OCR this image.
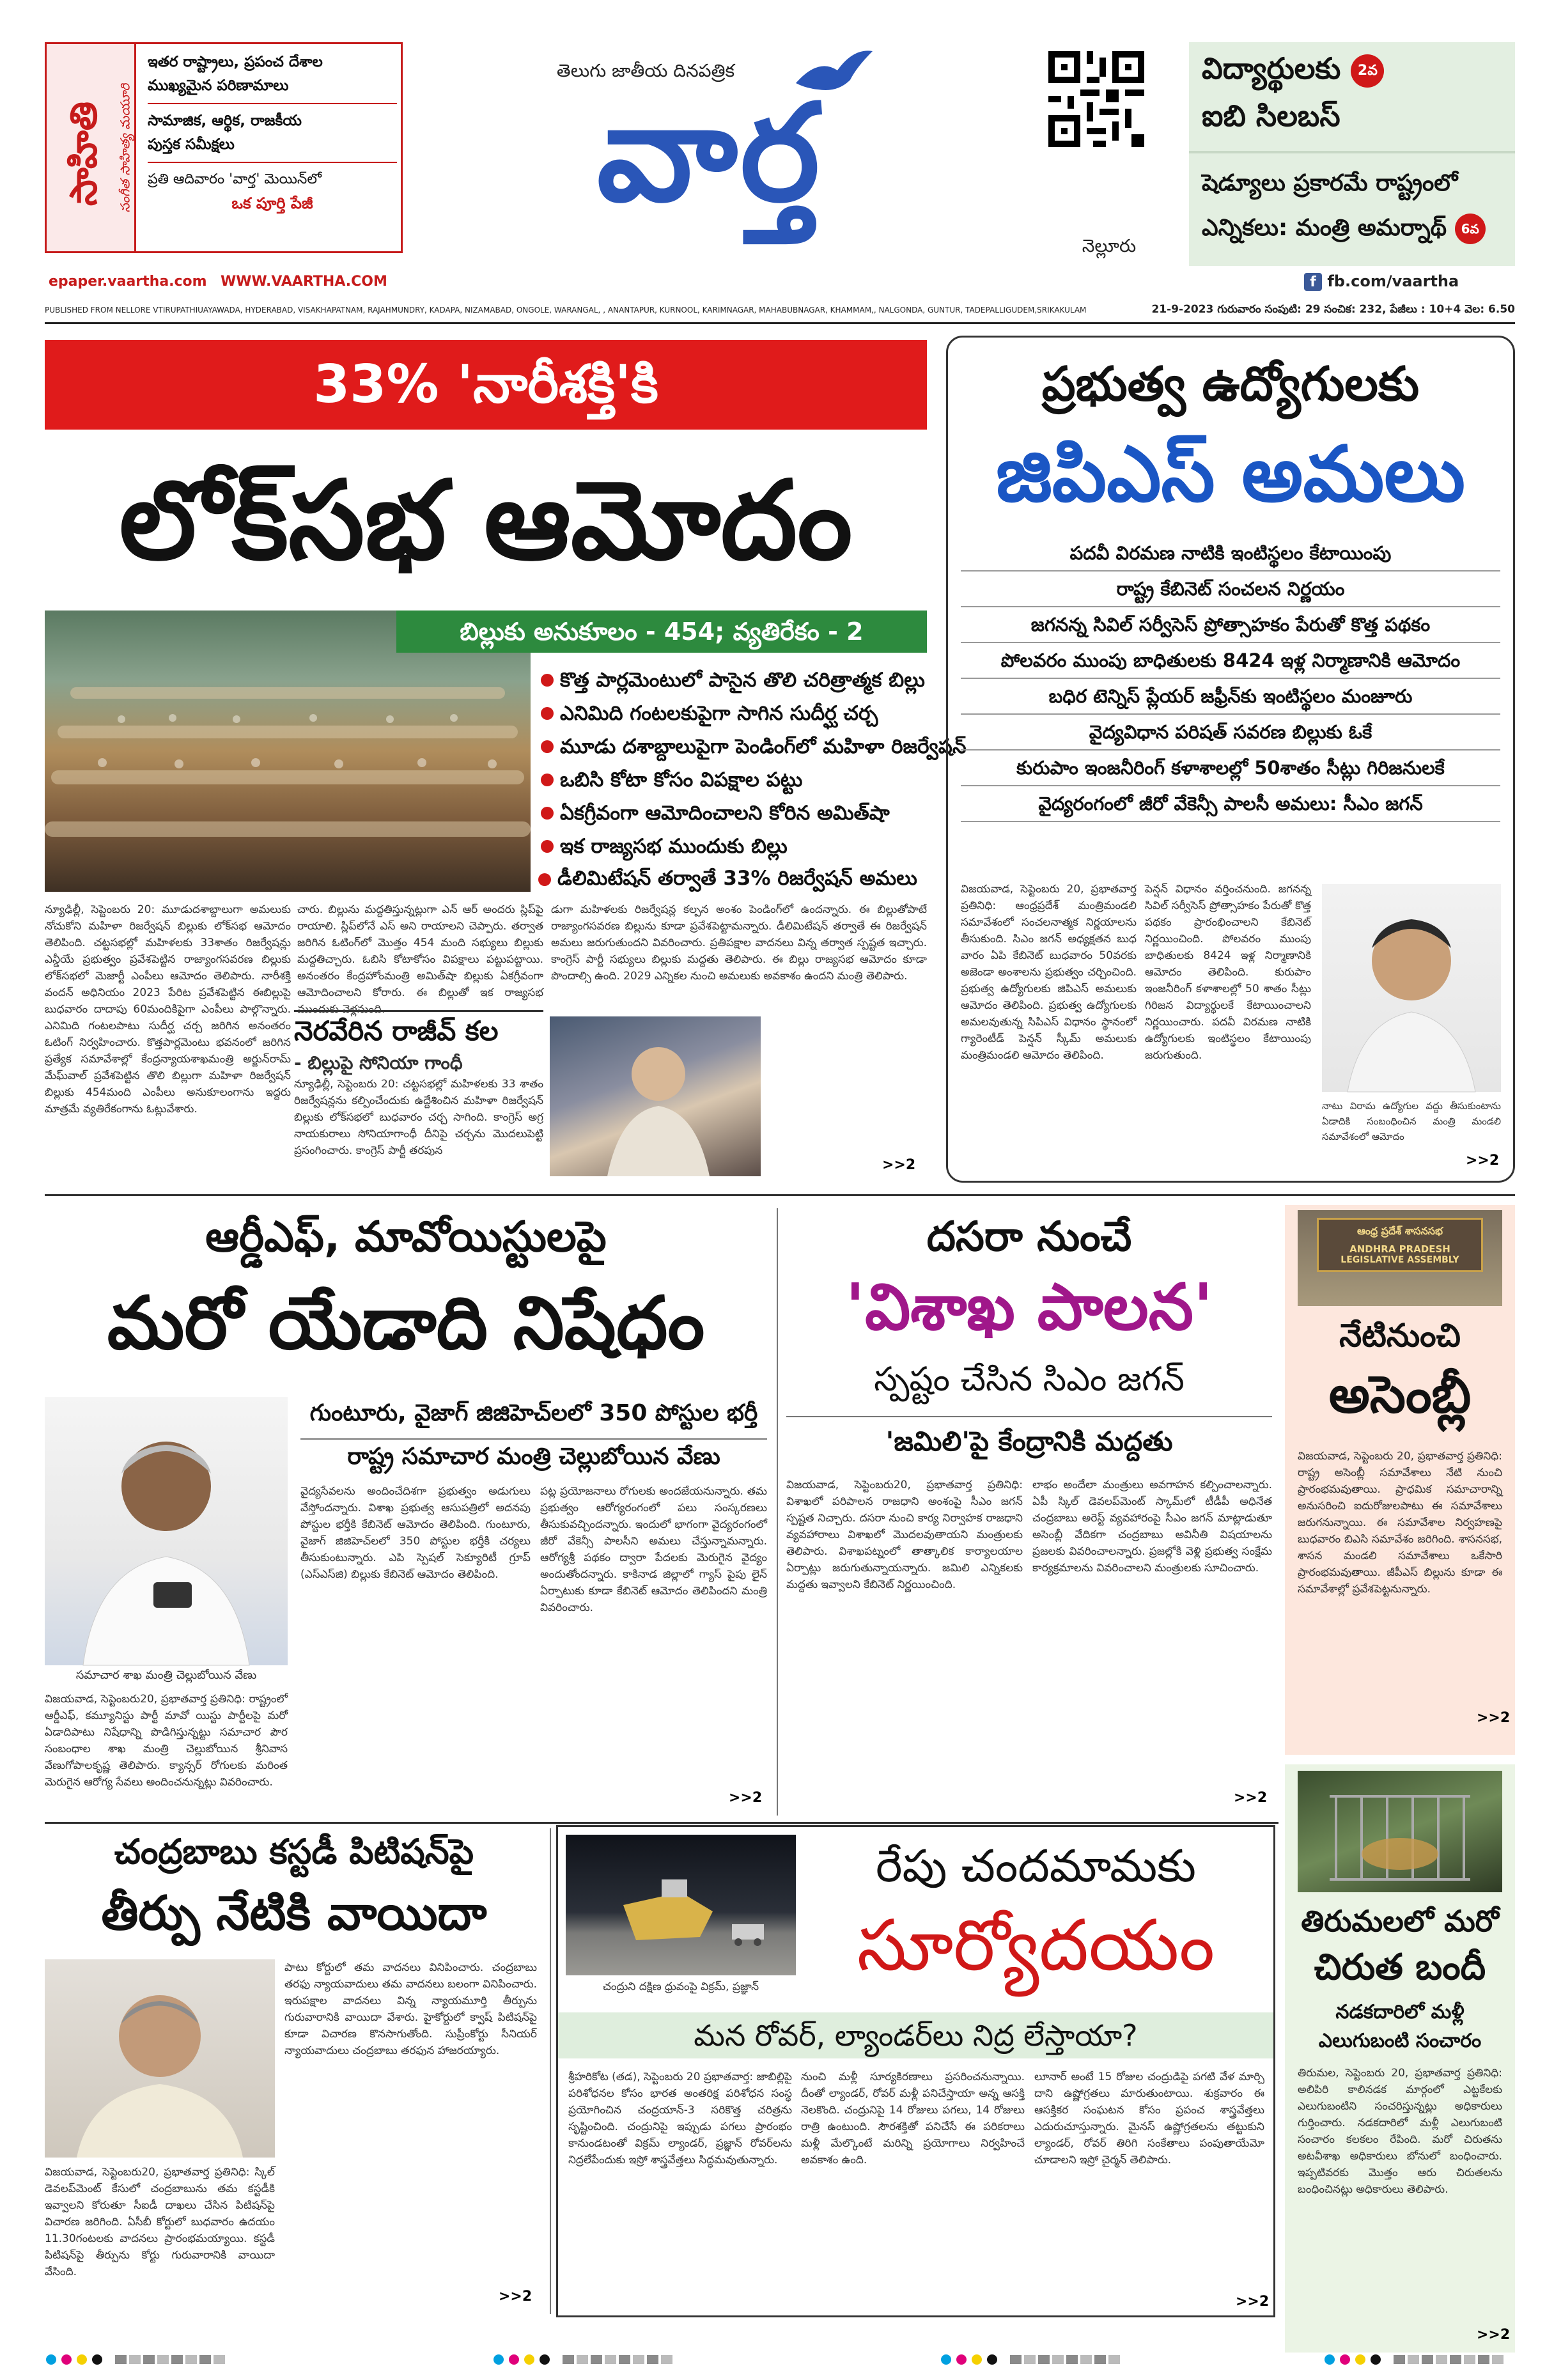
సాహితి సంగీత సాహిత్య మయూరి
ఇతర రాష్ట్రాలు, ప్రపంచ దేశాల
ముఖ్యమైన పరిణామాలు
సామాజిక, ఆర్థిక, రాజకీయ
పుస్తక సమీక్షలు
ప్రతి ఆదివారం 'వార్త' మెయిన్‌లో
ఒక పూర్తి పేజీ
epaper.vaartha.com WWW.VAARTHA.COM
తెలుగు జాతీయ దినపత్రిక
వార్త
నెల్లూరు
f fb.com/vaartha
విద్యార్థులకు 2వ
ఐబి సిలబస్
షెడ్యూలు ప్రకారమే రాష్ట్రంలో
ఎన్నికలు: మంత్రి అమర్నాథ్ 6వ
PUBLISHED FROM NELLORE VTIRUPATHIUAYAWADA, HYDERABAD, VISAKHAPATNAM, RAJAHMUNDRY, KADAPA, NIZAMABAD, ONGOLE, WARANGAL, , ANANTAPUR, KURNOOL, KARIMNAGAR, MAHABUBNAGAR, KHAMMAM,, NALGONDA, GUNTUR, TADEPALLIGUDEM,SRIKAKULAM	21-9-2023 గురువారం సంపుటి: 29 సంచిక: 232, పేజీలు : 10+4 వెల: 6.50
33% 'నారీశక్తి'కి
లోక్‌సభ ఆమోదం
బిల్లుకు అనుకూలం - 454; వ్యతిరేకం - 2
కొత్త పార్లమెంటులో పాసైన తొలి చరిత్రాత్మక బిల్లు
ఎనిమిది గంటలకుపైగా సాగిన సుదీర్ఘ చర్చ
మూడు దశాబ్దాలుపైగా పెండింగ్‌లో మహిళా రిజర్వేషన్
ఒబిసి కోటా కోసం విపక్షాల పట్టు
ఏకగ్రీవంగా ఆమోదించాలని కోరిన అమిత్‌షా
ఇక రాజ్యసభ ముందుకు బిల్లు
డీలిమిటేషన్ తర్వాతే 33% రిజర్వేషన్ అమలు
న్యూఢిల్లీ, సెప్టెంబరు 20: మూడుదశాబ్దాలుగా అమలుకు నోచుకోని మహిళా రిజర్వేషన్ బిల్లుకు లోక్‌సభ ఆమోదం తెలిపింది. చట్టసభల్లో మహిళలకు 33శాతం రిజర్వేషన్లు ఎన్డీయే ప్రభుత్వం ప్రవేశపెట్టిన రాజ్యాంగసవరణ బిల్లుకు లోక్‌సభలో మెజార్టీ ఎంపీలు ఆమోదం తెలిపారు. నారీశక్తి వందన్ అధినియం 2023 పేరిట ప్రవేశపెట్టిన ఈబిల్లుపై బుధవారం దాదాపు 60మందికిపైగా ఎంపీలు పాల్గొన్నారు. ఎనిమిది గంటలపాటు సుదీర్ఘ చర్చ జరిగిన అనంతరం ఓటింగ్ నిర్వహించారు. కొత్తపార్లమెంటు భవనంలో జరిగిన ప్రత్యేక సమావేశాల్లో కేంద్రన్యాయశాఖమంత్రి అర్జున్‌రామ్ మేఘ్‌వాల్ ప్రవేశపెట్టిన తొలి బిల్లుగా మహిళా రిజర్వేషన్ బిల్లుకు 454మంది ఎంపీలు అనుకూలంగాను ఇద్దరు మాత్రమే వ్యతిరేకంగాను ఓట్లువేశారు.
చారు. బిల్లును మద్దతిస్తున్నట్లుగా ఎన్ ఆర్ అందరు స్లిప్‌పై రాయాలి. స్లిప్‌లోనే ఎస్ అని రాయాలని చెప్పారు. తర్వాత జరిగిన ఓటింగ్‌లో మొత్తం 454 మంది సభ్యులు బిల్లుకు మద్దతిచ్చారు. ఓబిసి కోటాకోసం విపక్షాలు పట్టుపట్టాయి. అనంతరం కేంద్రహోంమంత్రి అమిత్‌షా బిల్లుకు ఏకగ్రీవంగా ఆమోదించాలని కోరారు. ఈ బిల్లుతో ఇక రాజ్యసభ ముందుకు వెళ్లనుంది.
డుగా మహిళలకు రిజర్వేషన్ల కల్పన అంశం పెండింగ్‌లో ఉందన్నారు. ఈ బిల్లుతోపాటే రాజ్యాంగసవరణ బిల్లును కూడా ప్రవేశపెట్టామన్నారు. డీలిమిటేషన్ తర్వాతే ఈ రిజర్వేషన్ అమలు జరుగుతుందని వివరించారు. ప్రతిపక్షాల వాదనలు విన్న తర్వాత స్పష్టత ఇచ్చారు. కాంగ్రెస్ పార్టీ సభ్యులు బిల్లుకు మద్దతు తెలిపారు. ఈ బిల్లు రాజ్యసభ ఆమోదం కూడా పొందాల్సి ఉంది. 2029 ఎన్నికల నుంచి అమలుకు అవకాశం ఉందని మంత్రి తెలిపారు.
నెరవేరిన రాజీవ్ కల
- బిల్లుపై సోనియా గాంధీ
న్యూఢిల్లీ, సెప్టెంబరు 20: చట్టసభల్లో మహిళలకు 33 శాతం రిజర్వేషన్లను కల్పించేందుకు ఉద్దేశించిన మహిళా రిజర్వేషన్ బిల్లుకు లోక్‌సభలో బుధవారం చర్చ సాగింది. కాంగ్రెస్ అగ్ర నాయకురాలు సోనియాగాంధీ దీనిపై చర్చను మొదలుపెట్టి ప్రసంగించారు. కాంగ్రెస్ పార్టీ తరపున
>>2
ప్రభుత్వ ఉద్యోగులకు
జిపిఎస్ అమలు
పదవీ విరమణ నాటికి ఇంటిస్థలం కేటాయింపు
రాష్ట్ర కేబినెట్ సంచలన నిర్ణయం
జగనన్న సివిల్ సర్వీసెస్ ప్రోత్సాహకం పేరుతో కొత్త పథకం
పోలవరం ముంపు బాధితులకు 8424 ఇళ్ల నిర్మాణానికి ఆమోదం
బధిర టెన్నిస్ ప్లేయర్ జఫ్రీన్‌కు ఇంటిస్థలం మంజూరు
వైద్యవిధాన పరిషత్ సవరణ బిల్లుకు ఓకే
కురుపాం ఇంజనీరింగ్ కళాశాలల్లో 50శాతం సీట్లు గిరిజనులకే
వైద్యరంగంలో జీరో వేకెన్సీ పాలసీ అమలు: సీఎం జగన్
విజయవాడ, సెప్టెంబరు 20, ప్రభాతవార్త ప్రతినిధి: ఆంధ్రప్రదేశ్ మంత్రిమండలి సమావేశంలో సంచలనాత్మక నిర్ణయాలను తీసుకుంది. సిఎం జగన్ అధ్యక్షతన బుధ వారం ఏపి కేబినెట్ బుధవారం 50వరకు అజెండా అంశాలను ప్రభుత్వం చర్చించింది. ప్రభుత్వ ఉద్యోగులకు జిపిఎస్ అమలుకు ఆమోదం తెలిపింది. ప్రభుత్వ ఉద్యోగులకు అమలవుతున్న సిపిఎస్ విధానం స్థానంలో గ్యారెంటీడ్ పెన్షన్ స్కీమ్ అమలుకు మంత్రిమండలి ఆమోదం తెలిపింది.
పెన్షన్ విధానం వర్తించనుంది. జగనన్న సివిల్ సర్వీసెస్ ప్రోత్సాహకం పేరుతో కొత్త పథకం ప్రారంభించాలని కేబినెట్ నిర్ణయించింది. పోలవరం ముంపు బాధితులకు 8424 ఇళ్ల నిర్మాణానికి ఆమోదం తెలిపింది. కురుపాం ఇంజనీరింగ్ కళాశాలల్లో 50 శాతం సీట్లు గిరిజన విద్యార్థులకే కేటాయించాలని నిర్ణయించారు. పదవీ విరమణ నాటికి ఉద్యోగులకు ఇంటిస్థలం కేటాయింపు జరుగుతుంది.
నాటు విరామ ఉద్యోగుల వద్దు తీసుకుంటాను ఏడాదికి సంబంధించిన మంత్రి మండలి సమావేశంలో ఆమోదం
>>2
ఆర్డీఎఫ్, మావోయిస్టులపై
మరో యేడాది నిషేధం
సమాచార శాఖ మంత్రి చెల్లుబోయిన వేణు
గుంటూరు, వైజాగ్ జిజిహెచ్‌లలో 350 పోస్టుల భర్తీ
రాష్ట్ర సమాచార మంత్రి చెల్లుబోయిన వేణు
విజయవాడ, సెప్టెంబరు20, ప్రభాతవార్త ప్రతినిధి: రాష్ట్రంలో ఆర్డీఎఫ్, కమ్యూనిస్టు పార్టీ మావో యిస్టు పార్టీలపై మరో ఏడాదిపాటు నిషేధాన్ని పొడిగిస్తున్నట్టు సమాచార పౌర సంబంధాల శాఖ మంత్రి చెల్లుబోయిన శ్రీనివాస వేణుగోపాలకృష్ణ తెలిపారు. క్యాన్సర్ రోగులకు మరింత మెరుగైన ఆరోగ్య సేవలు అందించనున్నట్లు వివరించారు.
వైద్యసేవలను అందించేదిశగా ప్రభుత్వం అడుగులు వేస్తోందన్నారు. విశాఖ ప్రభుత్వ ఆసుపత్రిలో అదనపు పోస్టుల భర్తీకి కేబినెట్ ఆమోదం తెలిపింది. గుంటూరు, వైజాగ్ జిజిహెచ్‌లలో 350 పోస్టుల భర్తీకి చర్యలు తీసుకుంటున్నారు. ఎపి స్పెషల్ సెక్యూరిటీ గ్రూప్ (ఎస్ఎస్‌జి) బిల్లుకు కేబినెట్ ఆమోదం తెలిపింది.
పట్ల ప్రయోజనాలు రోగులకు అందజేయనున్నారు. తమ ప్రభుత్వం ఆరోగ్యరంగంలో పలు సంస్కరణలు తీసుకువచ్చిందన్నారు. ఇందులో భాగంగా వైద్యరంగంలో జీరో వేకెన్సీ పాలసీని అమలు చేస్తున్నామన్నారు. ఆరోగ్యశ్రీ పథకం ద్వారా పేదలకు మెరుగైన వైద్యం అందుతోందన్నారు. కాకినాడ జిల్లాలో గ్యాస్ పైపు లైన్ ఏర్పాటుకు కూడా కేబినెట్ ఆమోదం తెలిపిందని మంత్రి వివరించారు.
>>2
దసరా నుంచే
'విశాఖ పాలన'
స్పష్టం చేసిన సిఎం జగన్
'జమిలి'పై కేంద్రానికి మద్దతు
విజయవాడ, సెప్టెంబరు20, ప్రభాతవార్త ప్రతినిధి: విశాఖలో పరిపాలన రాజధాని అంశంపై సీఎం జగన్ స్పష్టత నిచ్చారు. దసరా నుంచి కార్య నిర్వాహక రాజధాని వ్యవహారాలు విశాఖలో మొదలవుతాయని మంత్రులకు తెలిపారు. విశాఖపట్నంలో తాత్కాలిక కార్యాలయాల ఏర్పాట్లు జరుగుతున్నాయన్నారు. జమిలి ఎన్నికలకు మద్దతు ఇవ్వాలని కేబినెట్ నిర్ణయించింది.
లాభం అందేలా మంత్రులు అవగాహన కల్పించాలన్నారు. ఏపీ స్కిల్ డెవలప్‌మెంట్ స్కామ్‌లో టీడీపీ అధినేత చంద్రబాబు అరెస్ట్ వ్యవహారంపై సీఎం జగన్ మాట్లాడుతూ అసెంబ్లీ వేదికగా చంద్రబాబు అవినీతి విషయాలను ప్రజలకు వివరించాలన్నారు. ప్రజల్లోకి వెళ్లి ప్రభుత్వ సంక్షేమ కార్యక్రమాలను వివరించాలని మంత్రులకు సూచించారు.
>>2
ఆంధ్ర ప్రదేశ్ శాసనసభ
ANDHRA PRADESH
LEGISLATIVE ASSEMBLY
నేటినుంచి
అసెంబ్లీ
విజయవాడ, సెప్టెంబరు 20, ప్రభాతవార్త ప్రతినిధి: రాష్ట్ర అసెంబ్లీ సమావేశాలు నేటి నుంచి ప్రారంభమవుతాయి. ప్రాధమిక సమాచారాన్ని అనుసరించి ఐదురోజులపాటు ఈ సమావేశాలు జరుగనున్నాయి. ఈ సమావేశాల నిర్వహణపై బుధవారం బిఎసి సమావేశం జరిగింది. శాసనసభ, శాసన మండలి సమావేశాలు ఒకేసారి ప్రారంభమవుతాయి. జీపీఎస్ బిల్లును కూడా ఈ సమావేశాల్లో ప్రవేశపెట్టనున్నారు.
>>2
తిరుమలలో మరో
చిరుత బందీ
నడకదారిలో మళ్లీ
ఎలుగుబంటి సంచారం
తిరుమల, సెప్టెంబరు 20, ప్రభాతవార్త ప్రతినిధి: అలిపిరి కాలినడక మార్గంలో ఎట్టకేలకు ఎలుగుబంటిని సంచరిస్తున్నట్లు అధికారులు గుర్తించారు. నడకదారిలో మళ్లీ ఎలుగుబంటి సంచారం కలకలం రేపింది. మరో చిరుతను అటవీశాఖ అధికారులు బోనులో బంధించారు. ఇప్పటివరకు మొత్తం ఆరు చిరుతలను బంధించినట్లు అధికారులు తెలిపారు.
>>2
చంద్రబాబు కస్టడీ పిటిషన్‌పై
తీర్పు నేటికి వాయిదా
విజయవాడ, సెప్టెంబరు20, ప్రభాతవార్త ప్రతినిధి: స్కిల్ డెవలప్‌మెంట్ కేసులో చంద్రబాబును తమ కస్టడీకి ఇవ్వాలని కోరుతూ సీఐడీ దాఖలు చేసిన పిటిషన్‌పై విచారణ జరిగింది. ఏసీబీ కోర్టులో బుధవారం ఉదయం 11.30గంటలకు వాదనలు ప్రారంభమయ్యాయి. కస్టడీ పిటిషన్‌పై తీర్పును కోర్టు గురువారానికి వాయిదా వేసింది.
పాటు కోర్టులో తమ వాదనలు వినిపించారు. చంద్రబాబు తరఫు న్యాయవాదులు తమ వాదనలు బలంగా వినిపించారు. ఇరుపక్షాల వాదనలు విన్న న్యాయమూర్తి తీర్పును గురువారానికి వాయిదా వేశారు. హైకోర్టులో క్వాష్ పిటిషన్‌పై కూడా విచారణ కొనసాగుతోంది. సుప్రీంకోర్టు సీనియర్ న్యాయవాదులు చంద్రబాబు తరఫున హాజరయ్యారు.
>>2
చంద్రుని దక్షిణ ధ్రువంపై విక్రమ్, ప్రజ్ఞాన్
రేపు చందమామకు
సూర్యోదయం
మన రోవర్, ల్యాండర్‌లు నిద్ర లేస్తాయా?
శ్రీహరికోట (తడ), సెప్టెంబరు 20 ప్రభాతవార్త: జాబిల్లిపై పరిశోధనల కోసం భారత అంతరిక్ష పరిశోధన సంస్థ ప్రయోగించిన చంద్రయాన్-3 సరికొత్త చరిత్రను సృష్టించింది. చంద్రునిపై ఇప్పుడు పగలు ప్రారంభం కానుండటంతో విక్రమ్ ల్యాండర్, ప్రజ్ఞాన్ రోవర్‌లను నిద్రలేపేందుకు ఇస్రో శాస్త్రవేత్తలు సిద్ధమవుతున్నారు.
నుంచి మళ్లీ సూర్యకిరణాలు ప్రసరించనున్నాయి. దీంతో ల్యాండర్, రోవర్ మళ్లీ పనిచేస్తాయా అన్న ఆసక్తి నెలకొంది. చంద్రునిపై 14 రోజులు పగలు, 14 రోజులు రాత్రి ఉంటుంది. సౌరశక్తితో పనిచేసే ఈ పరికరాలు మళ్లీ మేల్కొంటే మరిన్ని ప్రయోగాలు నిర్వహించే అవకాశం ఉంది.
లూనార్ అంటే 15 రోజుల చంద్రుడిపై పగటి వేళ మార్చి దాని ఉష్ణోగ్రతలు మారుతుంటాయి. శుక్రవారం ఈ ఆసక్తికర సంఘటన కోసం ప్రపంచ శాస్త్రవేత్తలు ఎదురుచూస్తున్నారు. మైనస్ ఉష్ణోగ్రతలను తట్టుకుని ల్యాండర్, రోవర్ తిరిగి సంకేతాలు పంపుతాయేమో చూడాలని ఇస్రో చైర్మన్ తెలిపారు.
>>2
